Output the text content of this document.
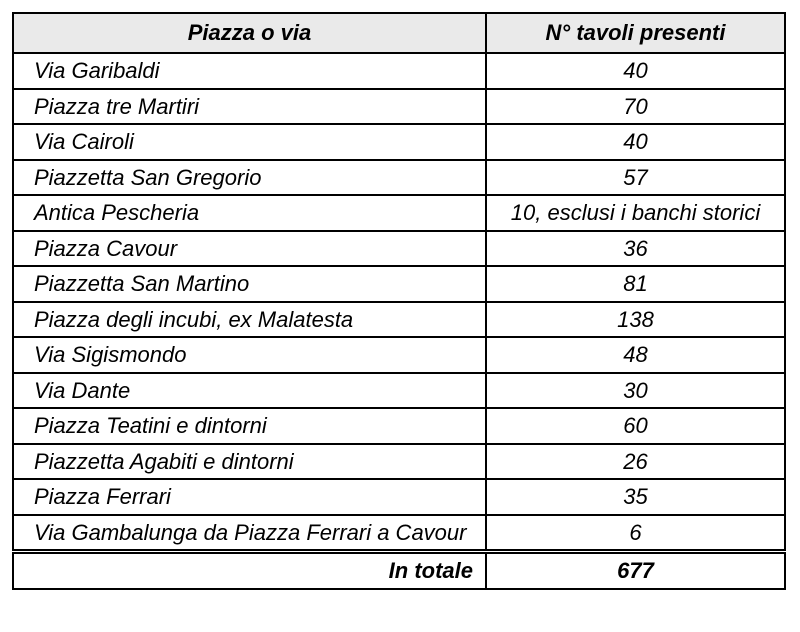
Piazza o via	N° tavoli presenti
Via Garibaldi	40
Piazza tre Martiri	70
Via Cairoli	40
Piazzetta San Gregorio	57
Antica Pescheria	10, esclusi i banchi storici
Piazza Cavour	36
Piazzetta San Martino	81
Piazza degli incubi, ex Malatesta	138
Via Sigismondo	48
Via Dante	30
Piazza Teatini e dintorni	60
Piazzetta Agabiti e dintorni	26
Piazza Ferrari	35
Via Gambalunga da Piazza Ferrari a Cavour	6
In totale	677
